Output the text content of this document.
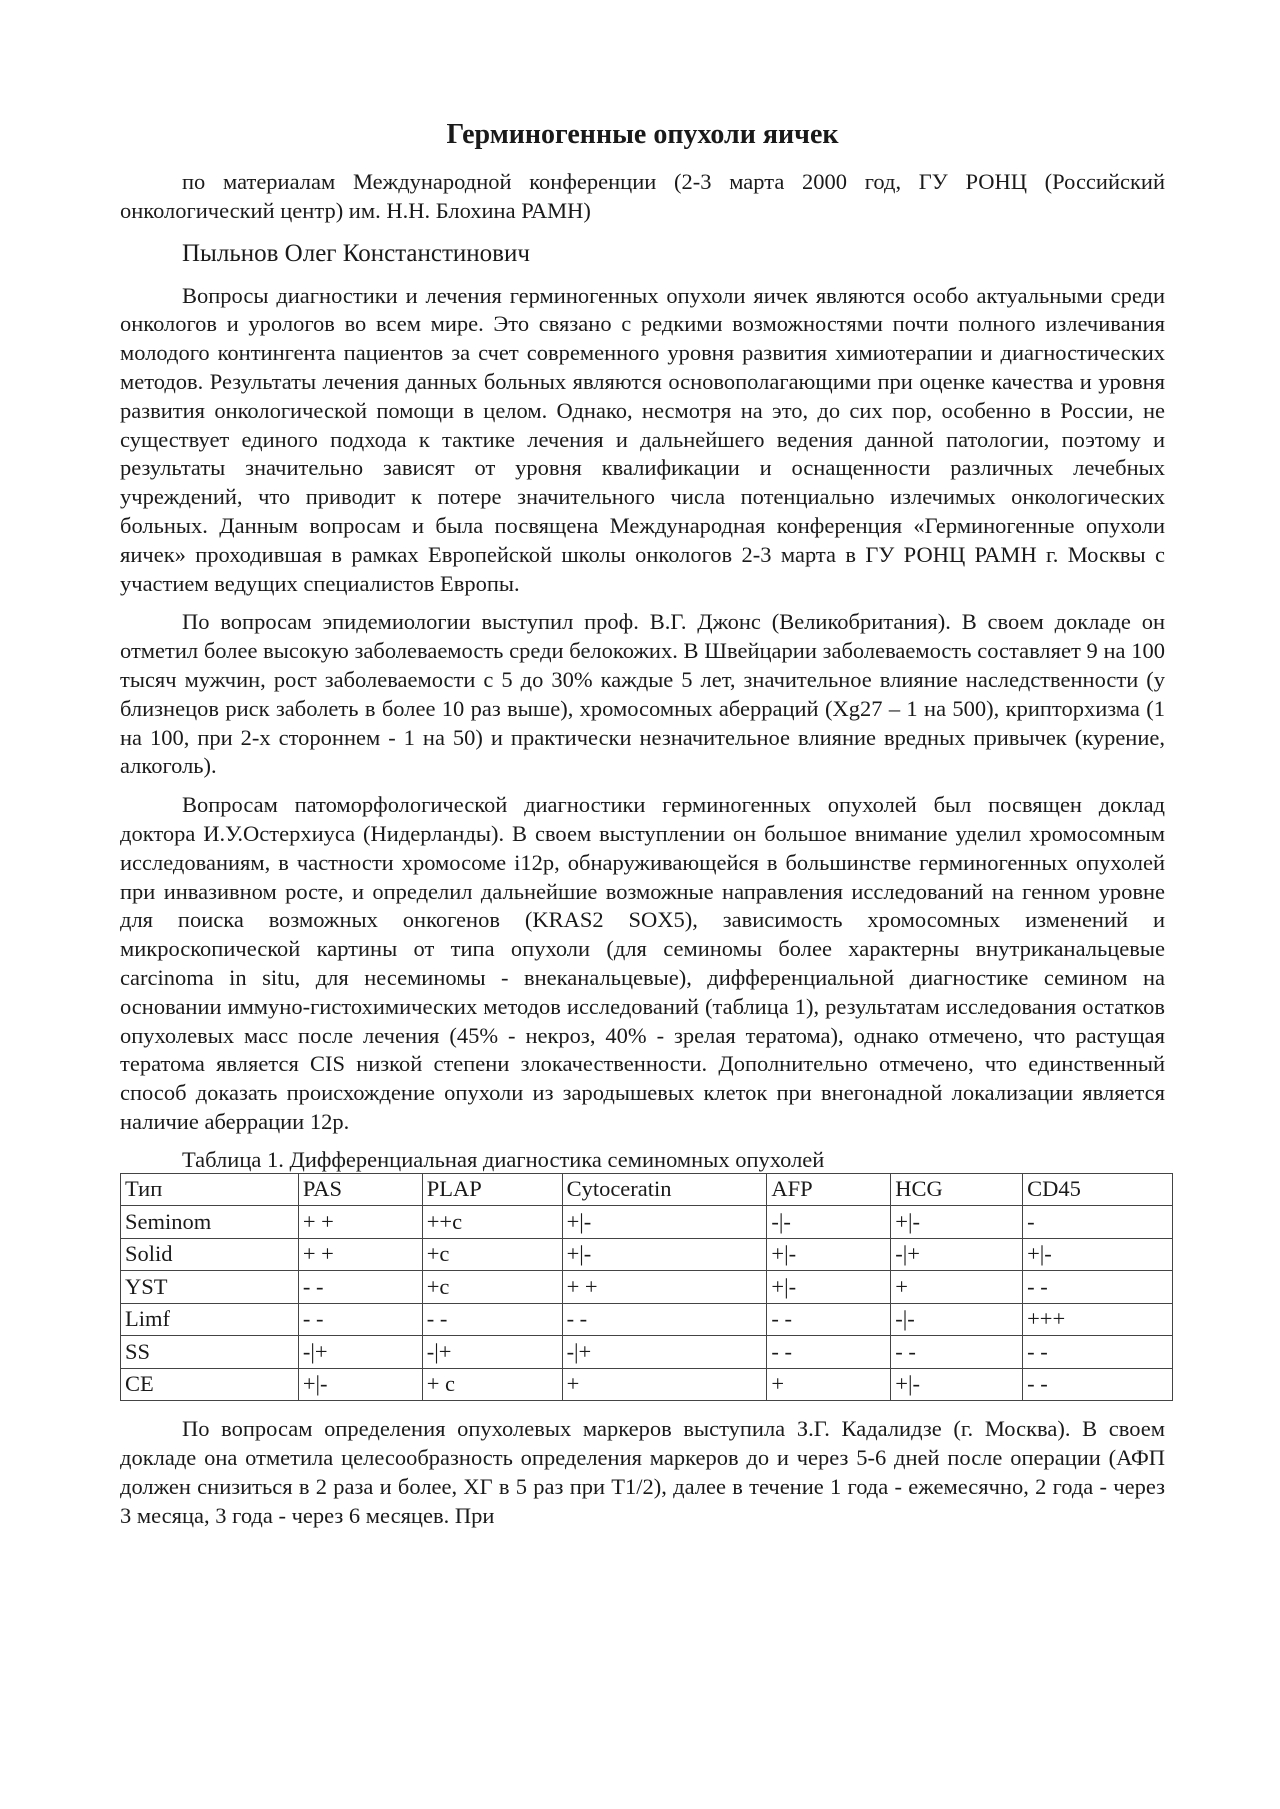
Герминогенные опухоли яичек

по материалам Международной конференции (2-3 марта 2000 год, ГУ РОНЦ (Российский онкологический центр) им. Н.Н. Блохина РАМН)

Пыльнов Олег Констанстинович

Вопросы диагностики и лечения герминогенных опухоли яичек являются особо актуальными среди онкологов и урологов во всем мире. Это связано с редкими возможностями почти полного излечивания молодого контингента пациентов за счет современного уровня развития химиотерапии и диагностических методов. Результаты лечения данных больных являются основополагающими при оценке качества и уровня развития онкологической помощи в целом. Однако, несмотря на это, до сих пор, особенно в России, не существует единого подхода к тактике лечения и дальнейшего ведения данной патологии, поэтому и результаты значительно зависят от уровня квалификации и оснащенности различных лечебных учреждений, что приводит к потере значительного числа потенциально излечимых онкологических больных. Данным вопросам и была посвящена Международная конференция «Герминогенные опухоли яичек» проходившая в рамках Европейской школы онкологов 2-3 марта в ГУ РОНЦ РАМН г. Москвы с участием ведущих специалистов Европы.

По вопросам эпидемиологии выступил проф. В.Г. Джонс (Великобритания). В своем докладе он отметил более высокую заболеваемость среди белокожих. В Швейцарии заболеваемость составляет 9 на 100 тысяч мужчин, рост заболеваемости с 5 до 30% каждые 5 лет, значительное влияние наследственности (у близнецов риск заболеть в более 10 раз выше), хромосомных аберраций (Xg27 – 1 на 500), крипторхизма (1 на 100, при 2-х стороннем - 1 на 50) и практически незначительное влияние вредных привычек (курение, алкоголь).

Вопросам патоморфологической диагностики герминогенных опухолей был посвящен доклад доктора И.У.Остерхиуса (Нидерланды). В своем выступлении он большое внимание уделил хромосомным исследованиям, в частности хромосоме i12p, обнаруживающейся в большинстве герминогенных опухолей при инвазивном росте, и определил дальнейшие возможные направления исследований на генном уровне для поиска возможных онкогенов (KRAS2 SOX5), зависимость хромосомных изменений и микроскопической картины от типа опухоли (для семиномы более характерны внутриканальцевые carcinoma in situ, для несеминомы - внеканальцевые), дифференциальной диагностике семином на основании иммуно-гистохимических методов исследований (таблица 1), результатам исследования остатков опухолевых масс после лечения (45% - некроз, 40% - зрелая тератома), однако отмечено, что растущая тератома является CIS низкой степени злокачественности. Дополнительно отмечено, что единственный способ доказать происхождение опухоли из зародышевых клеток при внегонадной локализации является наличие аберрации 12р.

Таблица 1. Дифференциальная диагностика семиномных опухолей

Тип	PAS	PLAP	Cytoceratin	AFP	HCG	CD45
Seminom	+ +	++c	+|-	-|-	+|-	-
Solid	+ +	+c	+|-	+|-	-|+	+|-
YST	- -	+c	+ +	+|-	+	- -
Limf	- -	- -	- -	- -	-|-	+++
SS	-|+	-|+	-|+	- -	- -	- -
CE	+|-	+ c	+	+	+|-	- -

По вопросам определения опухолевых маркеров выступила З.Г. Кадалидзе (г. Москва). В своем докладе она отметила целесообразность определения маркеров до и через 5-6 дней после операции (АФП должен снизиться в 2 раза и более, ХГ в 5 раз при Т1/2), далее в течение 1 года - ежемесячно, 2 года - через 3 месяца, 3 года - через 6 месяцев. При
